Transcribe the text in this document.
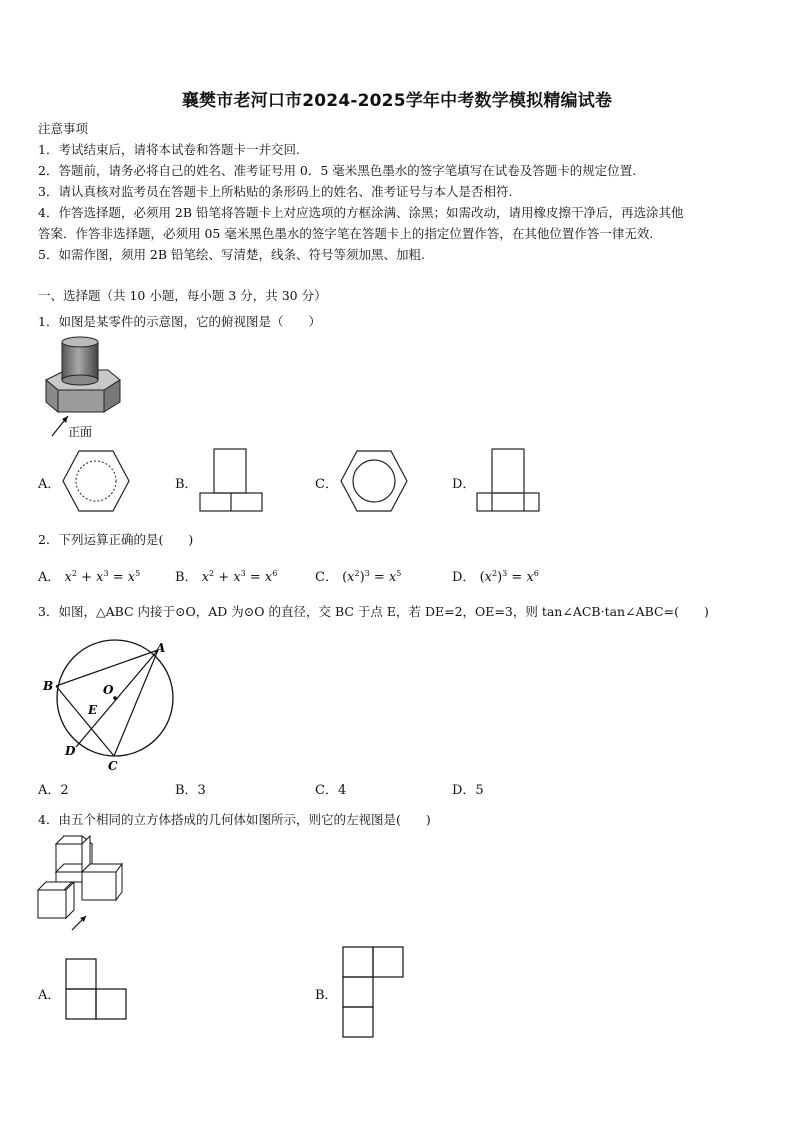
襄樊市老河口市2024-2025学年中考数学模拟精编试卷
注意事项
1．考试结束后，请将本试卷和答题卡一并交回.
2．答题前，请务必将自己的姓名、准考证号用 0．5 毫米黑色墨水的签字笔填写在试卷及答题卡的规定位置.
3．请认真核对监考员在答题卡上所粘贴的条形码上的姓名、准考证号与本人是否相符.
4．作答选择题，必须用 2B 铅笔将答题卡上对应选项的方框涂满、涂黑；如需改动，请用橡皮擦干净后，再选涂其他
答案．作答非选择题，必须用 05 毫米黑色墨水的签字笔在答题卡上的指定位置作答，在其他位置作答一律无效.
5．如需作图，须用 2B 铅笔绘、写清楚，线条、符号等须加黑、加粗.
一、选择题（共 10 小题，每小题 3 分，共 30 分）
1．如图是某零件的示意图，它的俯视图是（　　）
正面
A．	B．	C．	D．
2．下列运算正确的是(　　)
A． $x^2 + x^3 = x^5$	B． $x^2 + x^3 = x^6$	C． $(x^2)^3 = x^5$	D． $(x^2)^3 = x^6$
3．如图，△ABC 内接于⊙O，AD 为⊙O 的直径，交 BC 于点 E，若 DE=2，OE=3，则 tan∠ACB·tan∠ABC=(　　)
A
B	O
E
D
C
A．2	B．3	C．4	D．5
4．由五个相同的立方体搭成的几何体如图所示，则它的左视图是(　　)
A．	B．
